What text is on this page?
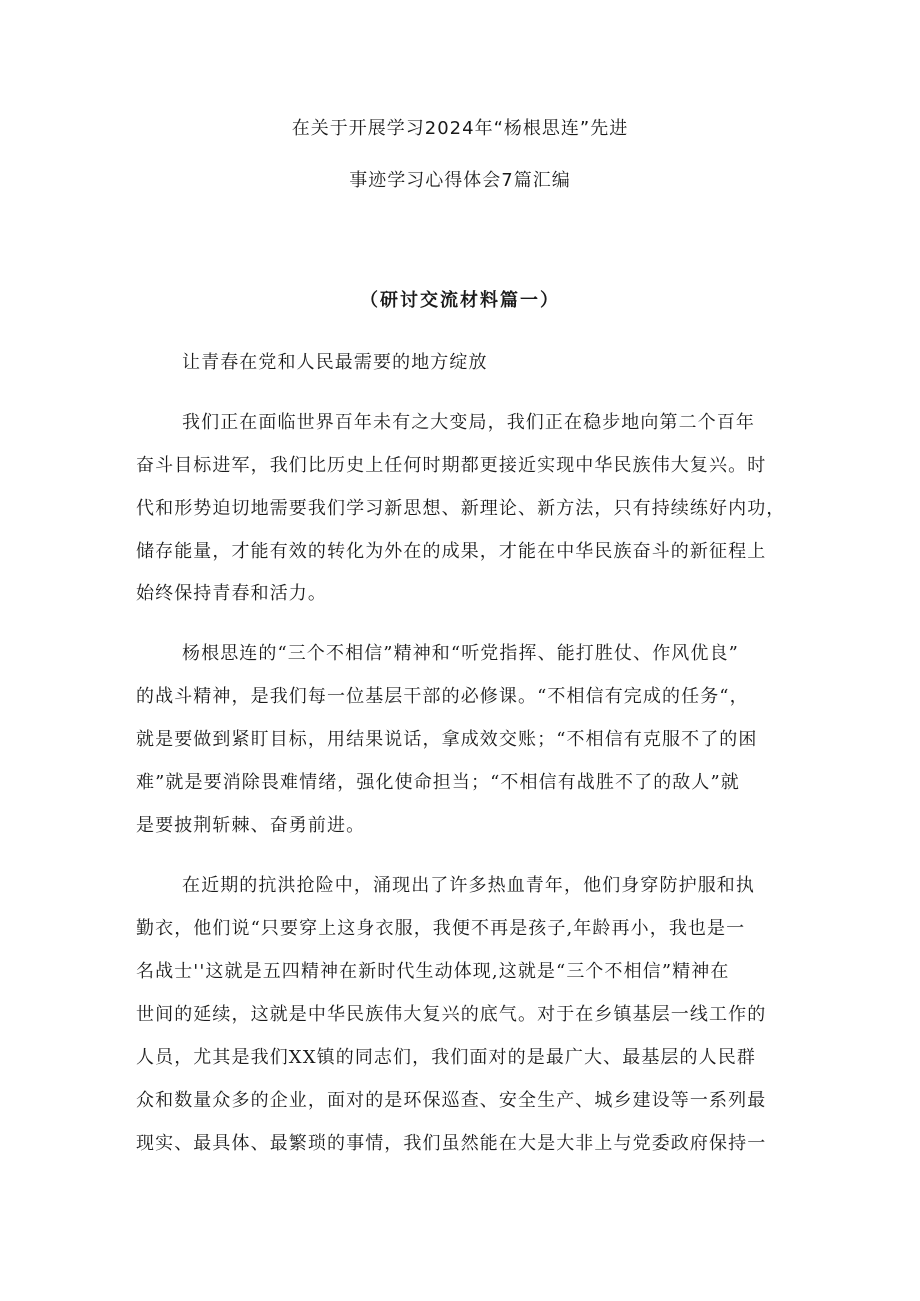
在关于开展学习2024年“杨根思连”先进
事迹学习心得体会7篇汇编
（研讨交流材料篇一）
让青春在党和人民最需要的地方绽放
我们正在面临世界百年未有之大变局，我们正在稳步地向第二个百年
奋斗目标进军，我们比历史上任何时期都更接近实现中华民族伟大复兴。时
代和形势迫切地需要我们学习新思想、新理论、新方法，只有持续练好内功，
储存能量，才能有效的转化为外在的成果，才能在中华民族奋斗的新征程上
始终保持青春和活力。
杨根思连的“三个不相信”精神和“听党指挥、能打胜仗、作风优良”
的战斗精神，是我们每一位基层干部的必修课。“不相信有完成的任务“，
就是要做到紧盯目标，用结果说话，拿成效交账；“不相信有克服不了的困
难”就是要消除畏难情绪，强化使命担当；“不相信有战胜不了的敌人”就
是要披荆斩棘、奋勇前进。
在近期的抗洪抢险中，涌现出了许多热血青年，他们身穿防护服和执
勤衣，他们说“只要穿上这身衣服，我便不再是孩子,年龄再小，我也是一
名战士''这就是五四精神在新时代生动体现,这就是“三个不相信”精神在
世间的延续，这就是中华民族伟大复兴的底气。对于在乡镇基层一线工作的
人员，尤其是我们XX镇的同志们，我们面对的是最广大、最基层的人民群
众和数量众多的企业，面对的是环保巡查、安全生产、城乡建设等一系列最
现实、最具体、最繁琐的事情，我们虽然能在大是大非上与党委政府保持一
